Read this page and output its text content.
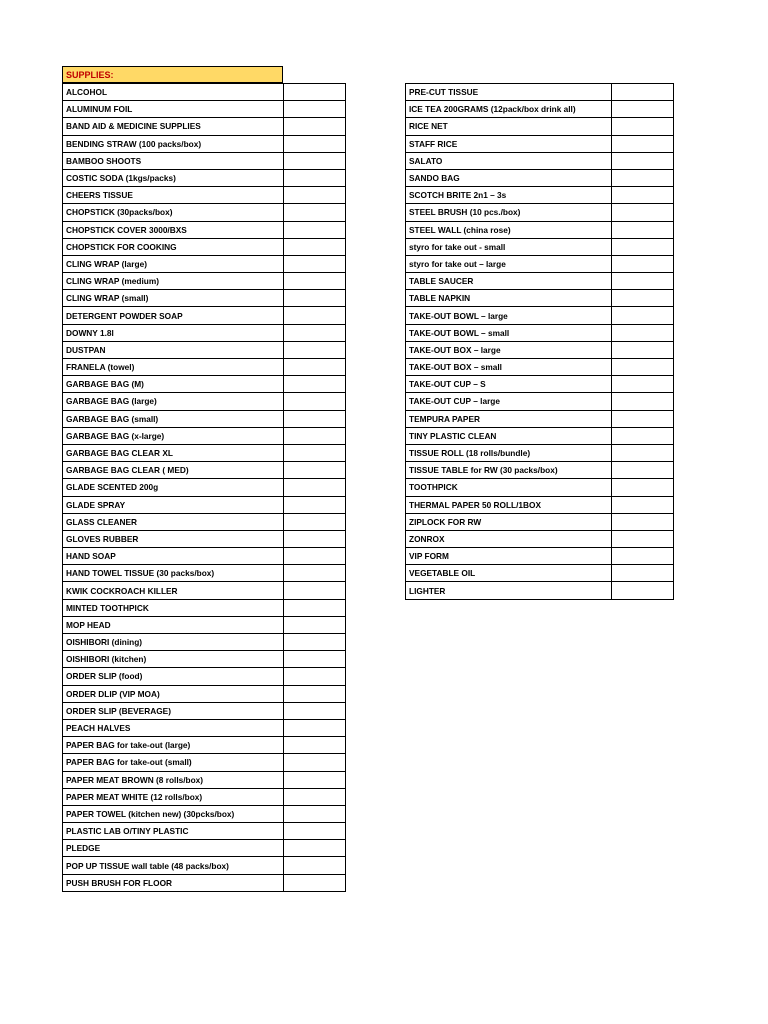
SUPPLIES:
ALCOHOL	
ALUMINUM FOIL	
BAND AID & MEDICINE SUPPLIES	
BENDING STRAW (100 packs/box)	
BAMBOO SHOOTS	
COSTIC SODA (1kgs/packs)	
CHEERS TISSUE	
CHOPSTICK (30packs/box)	
CHOPSTICK COVER 3000/BXS	
CHOPSTICK FOR COOKING	
CLING WRAP (large)	
CLING WRAP (medium)	
CLING WRAP (small)	
DETERGENT POWDER SOAP	
DOWNY 1.8l	
DUSTPAN	
FRANELA (towel)	
GARBAGE BAG (M)	
GARBAGE BAG (large)	
GARBAGE BAG (small)	
GARBAGE BAG (x-large)	
GARBAGE BAG CLEAR XL	
GARBAGE BAG CLEAR ( MED)	
GLADE SCENTED 200g	
GLADE SPRAY	
GLASS CLEANER	
GLOVES RUBBER	
HAND SOAP	
HAND TOWEL TISSUE (30 packs/box)	
KWIK COCKROACH KILLER	
MINTED TOOTHPICK	
MOP HEAD	
OISHIBORI (dining)	
OISHIBORI (kitchen)	
ORDER SLIP (food)	
ORDER DLIP (VIP MOA)	
ORDER SLIP (BEVERAGE)	
PEACH HALVES	
PAPER BAG for take-out (large)	
PAPER BAG for take-out (small)	
PAPER MEAT BROWN (8 rolls/box)	
PAPER MEAT WHITE (12 rolls/box)	
PAPER TOWEL (kitchen new) (30pcks/box)	
PLASTIC LAB O/TINY PLASTIC	
PLEDGE	
POP UP TISSUE wall table (48 packs/box)	
PUSH BRUSH FOR FLOOR	
PRE-CUT TISSUE	
ICE TEA 200GRAMS (12pack/box drink all)	
RICE NET	
STAFF RICE	
SALATO	
SANDO BAG	
SCOTCH BRITE 2n1 – 3s	
STEEL BRUSH (10 pcs./box)	
STEEL WALL (china rose)	
styro for take out - small	
styro for take out – large	
TABLE SAUCER	
TABLE NAPKIN	
TAKE-OUT BOWL – large	
TAKE-OUT BOWL – small	
TAKE-OUT BOX – large	
TAKE-OUT BOX – small	
TAKE-OUT CUP – S	
TAKE-OUT CUP – large	
TEMPURA PAPER	
TINY PLASTIC CLEAN	
TISSUE ROLL (18 rolls/bundle)	
TISSUE TABLE for RW (30 packs/box)	
TOOTHPICK	
THERMAL PAPER 50 ROLL/1BOX	
ZIPLOCK FOR RW	
ZONROX	
VIP FORM	
VEGETABLE OIL	
LIGHTER	
